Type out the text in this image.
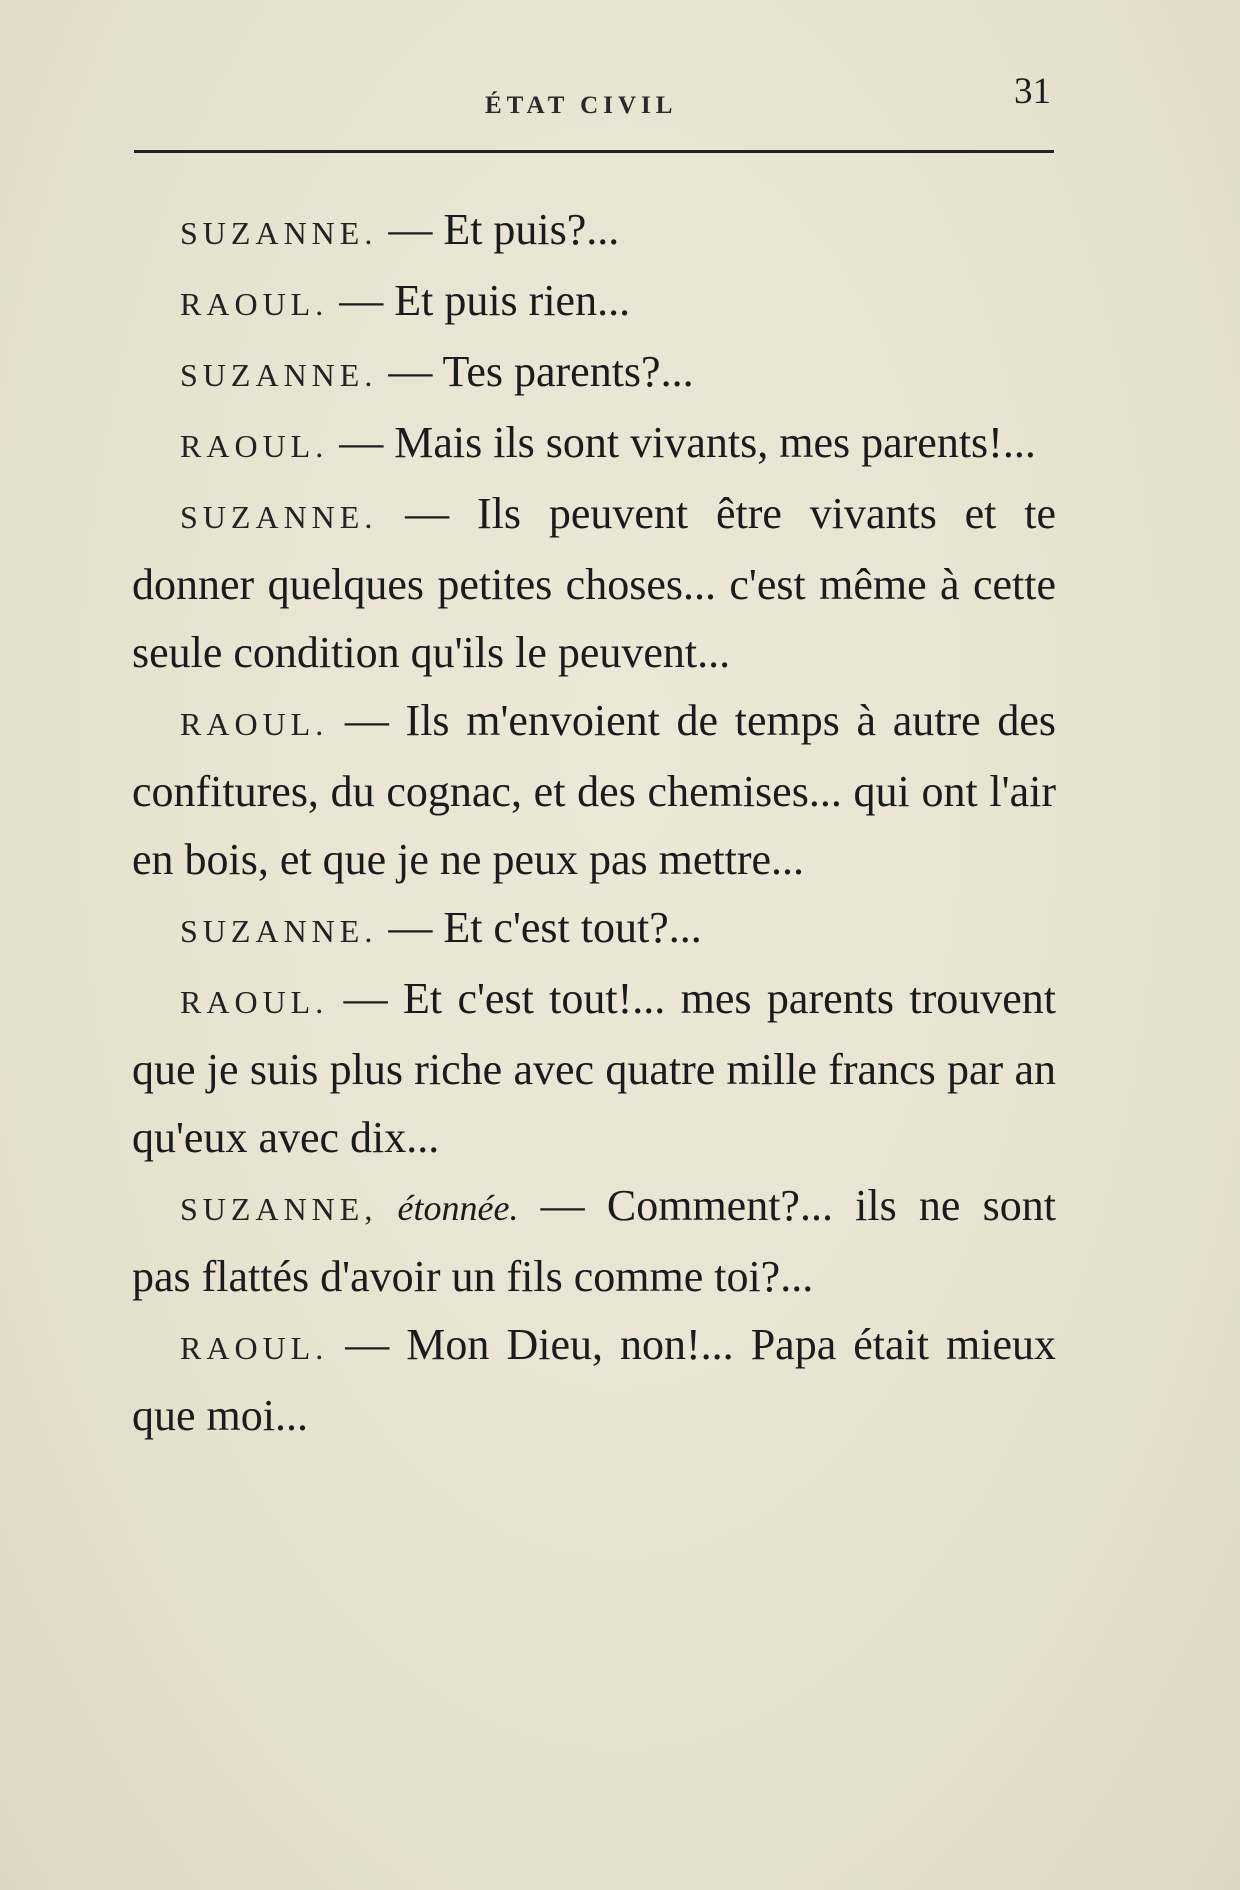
ÉTAT CIVIL	31

SUZANNE. — Et puis?...

RAOUL. — Et puis rien...

SUZANNE. — Tes parents?...

RAOUL. — Mais ils sont vivants, mes parents!...

SUZANNE. — Ils peuvent être vivants et te donner quelques petites choses... c'est même à cette seule condition qu'ils le peuvent...

RAOUL. — Ils m'envoient de temps à autre des confitures, du cognac, et des chemises... qui ont l'air en bois, et que je ne peux pas mettre...

SUZANNE. — Et c'est tout?...

RAOUL. — Et c'est tout!... mes parents trouvent que je suis plus riche avec quatre mille francs par an qu'eux avec dix...

SUZANNE, étonnée. — Comment?... ils ne sont pas flattés d'avoir un fils comme toi?...

RAOUL. — Mon Dieu, non!... Papa était mieux que moi...
